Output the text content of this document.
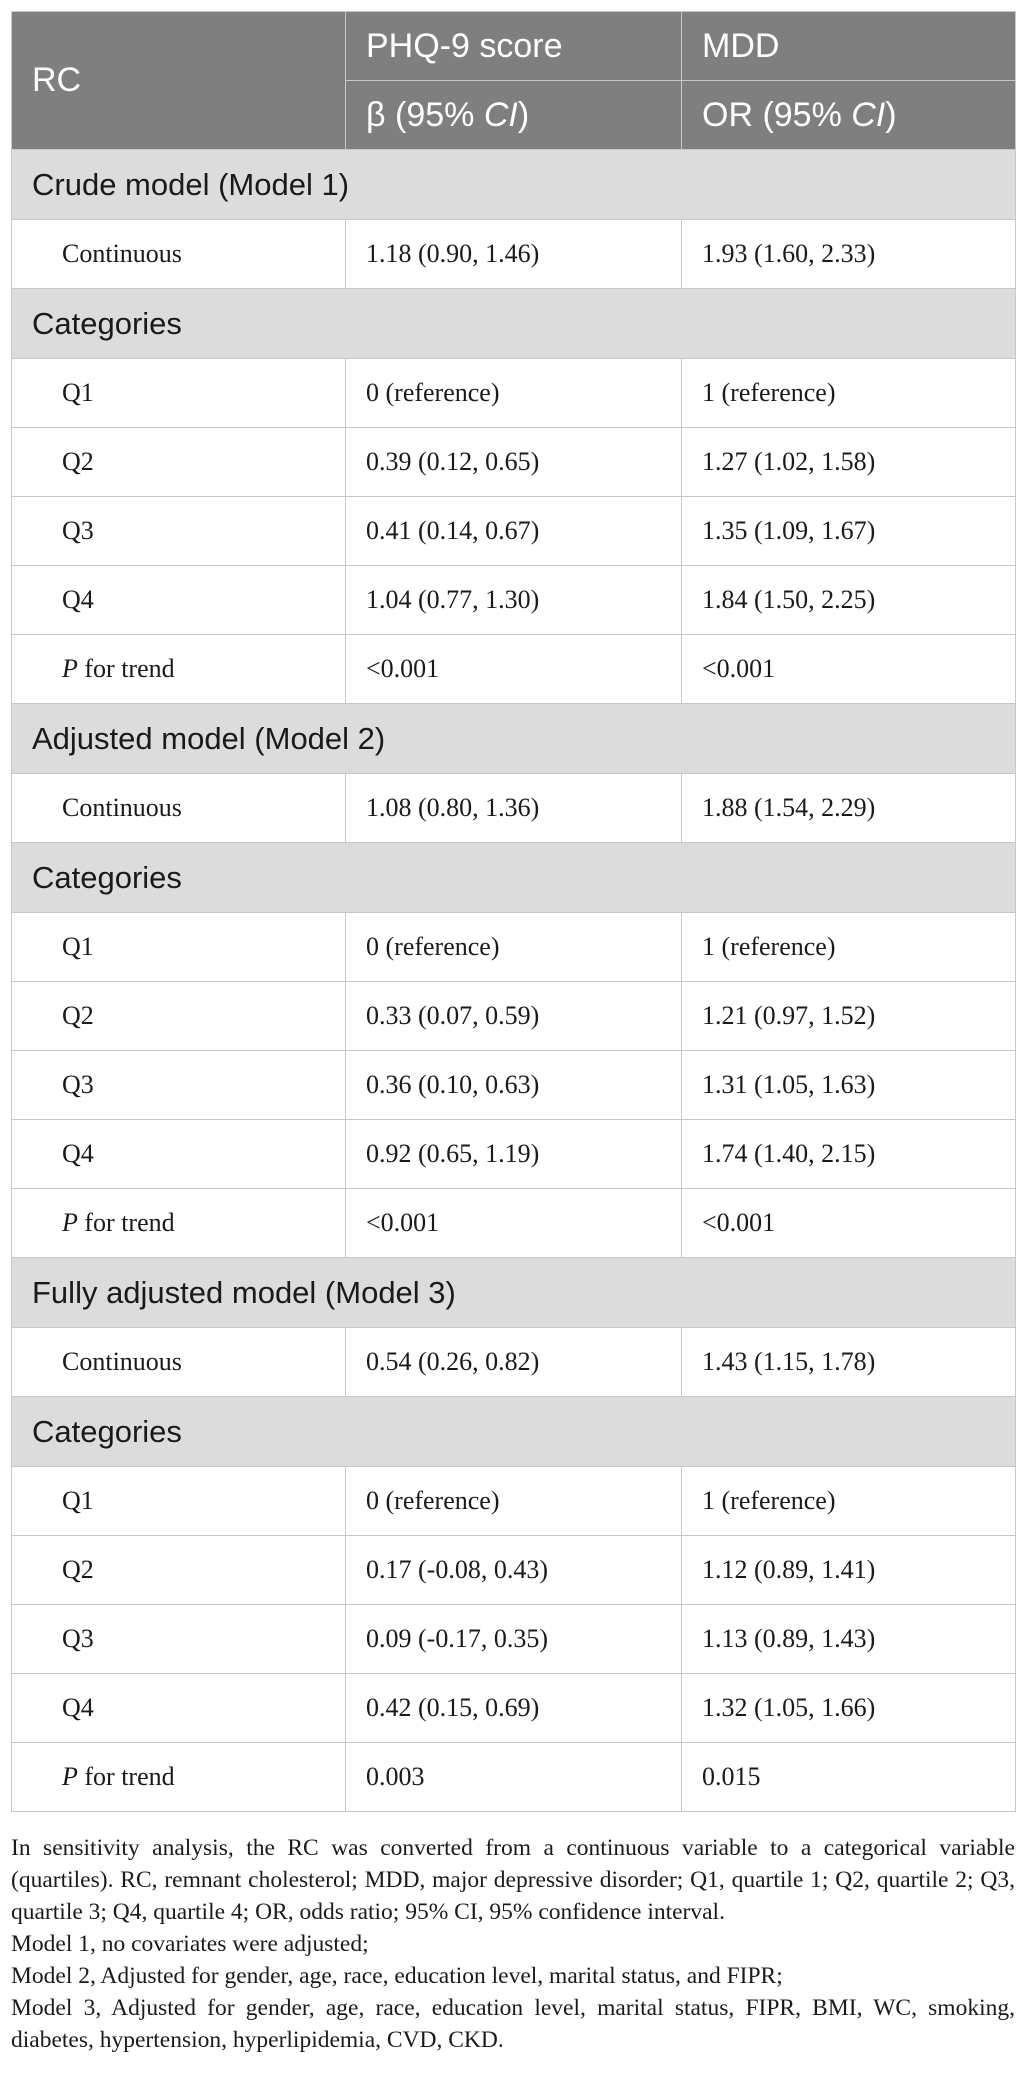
RC	PHQ-9 score	MDD
	β (95% CI)	OR (95% CI)
Crude model (Model 1)		
Continuous	1.18 (0.90, 1.46)	1.93 (1.60, 2.33)
Categories		
Q1	0 (reference)	1 (reference)
Q2	0.39 (0.12, 0.65)	1.27 (1.02, 1.58)
Q3	0.41 (0.14, 0.67)	1.35 (1.09, 1.67)
Q4	1.04 (0.77, 1.30)	1.84 (1.50, 2.25)
P for trend	<0.001	<0.001
Adjusted model (Model 2)		
Continuous	1.08 (0.80, 1.36)	1.88 (1.54, 2.29)
Categories		
Q1	0 (reference)	1 (reference)
Q2	0.33 (0.07, 0.59)	1.21 (0.97, 1.52)
Q3	0.36 (0.10, 0.63)	1.31 (1.05, 1.63)
Q4	0.92 (0.65, 1.19)	1.74 (1.40, 2.15)
P for trend	<0.001	<0.001
Fully adjusted model (Model 3)		
Continuous	0.54 (0.26, 0.82)	1.43 (1.15, 1.78)
Categories		
Q1	0 (reference)	1 (reference)
Q2	0.17 (-0.08, 0.43)	1.12 (0.89, 1.41)
Q3	0.09 (-0.17, 0.35)	1.13 (0.89, 1.43)
Q4	0.42 (0.15, 0.69)	1.32 (1.05, 1.66)
P for trend	0.003	0.015

In sensitivity analysis, the RC was converted from a continuous variable to a categorical variable (quartiles). RC, remnant cholesterol; MDD, major depressive disorder; Q1, quartile 1; Q2, quartile 2; Q3, quartile 3; Q4, quartile 4; OR, odds ratio; 95% CI, 95% confidence interval.

Model 1, no covariates were adjusted;

Model 2, Adjusted for gender, age, race, education level, marital status, and FIPR;

Model 3, Adjusted for gender, age, race, education level, marital status, FIPR, BMI, WC, smoking, diabetes, hypertension, hyperlipidemia, CVD, CKD.
